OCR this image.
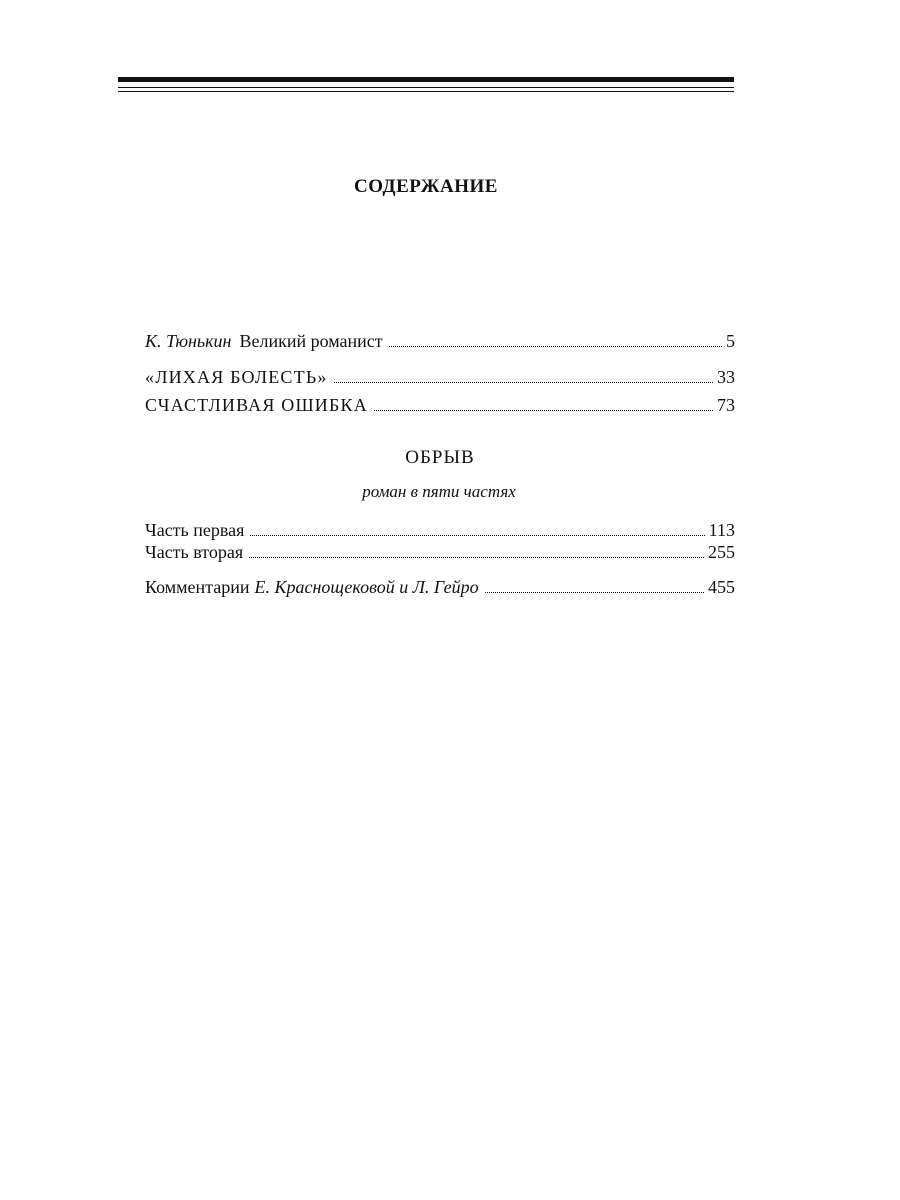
СОДЕРЖАНИЕ
К. Тюнькин Великий романист	5
«ЛИХАЯ БОЛЕСТЬ»	33
СЧАСТЛИВАЯ ОШИБКА	73
ОБРЫВ
роман в пяти частях
Часть первая	113
Часть вторая	255
Комментарии Е. Краснощековой и Л. Гейро	455
